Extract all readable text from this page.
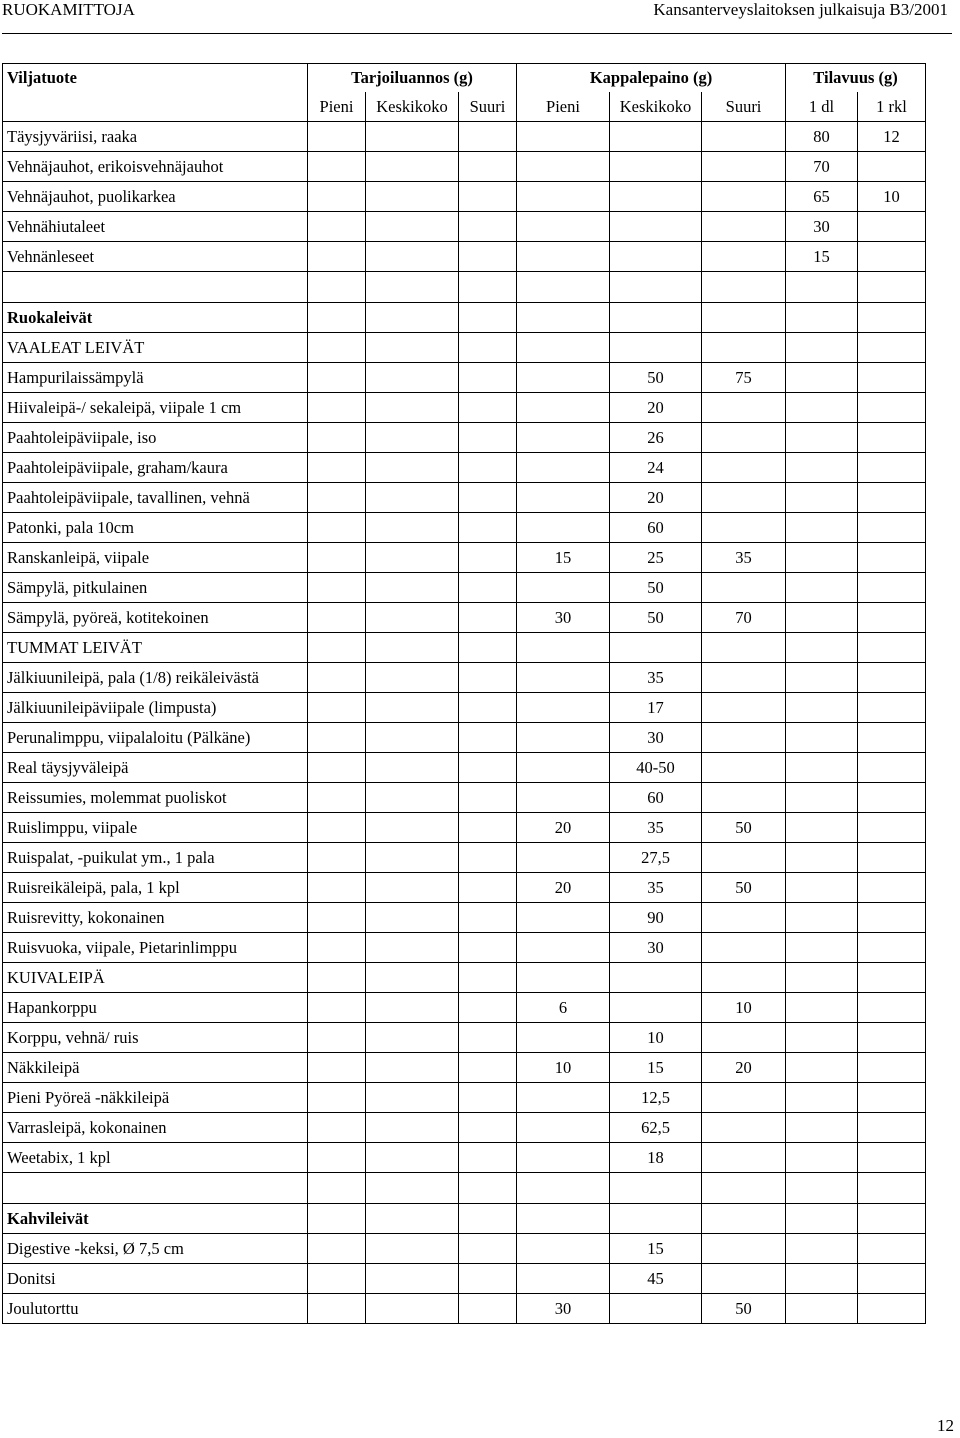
RUOKAMITTOJA	Kansanterveyslaitoksen julkaisuja B3/2001
Viljatuote	Tarjoiluannos (g)			Kappalepaino (g)			Tilavuus (g)	
	Pieni	Keskikoko	Suuri	Pieni	Keskikoko	Suuri	1 dl	1 rkl
Täysjyväriisi, raaka							80	12
Vehnäjauhot, erikoisvehnäjauhot							70	
Vehnäjauhot, puolikarkea							65	10
Vehnähiutaleet							30	
Vehnänleseet							15	

Ruokaleivät								
VAALEAT LEIVÄT								
Hampurilaissämpylä					50	75		
Hiivaleipä-/ sekaleipä, viipale 1 cm					20			
Paahtoleipäviipale, iso					26			
Paahtoleipäviipale, graham/kaura					24			
Paahtoleipäviipale, tavallinen, vehnä					20			
Patonki, pala 10cm					60			
Ranskanleipä, viipale				15	25	35		
Sämpylä, pitkulainen					50			
Sämpylä, pyöreä, kotitekoinen				30	50	70		
TUMMAT LEIVÄT								
Jälkiuunileipä, pala (1/8) reikäleivästä					35			
Jälkiuunileipäviipale (limpusta)					17			
Perunalimppu, viipalaloitu (Pälkäne)					30			
Real täysjyväleipä					40-50			
Reissumies, molemmat puoliskot					60			
Ruislimppu, viipale				20	35	50		
Ruispalat, -puikulat ym., 1 pala					27,5			
Ruisreikäleipä, pala, 1 kpl				20	35	50		
Ruisrevitty, kokonainen					90			
Ruisvuoka, viipale, Pietarinlimppu					30			
KUIVALEIPÄ								
Hapankorppu				6		10		
Korppu, vehnä/ ruis					10			
Näkkileipä				10	15	20		
Pieni Pyöreä -näkkileipä					12,5			
Varrasleipä, kokonainen					62,5			
Weetabix, 1 kpl					18			

Kahvileivät								
Digestive -keksi, Ø 7,5 cm					15			
Donitsi					45			
Joulutorttu				30		50		
12
